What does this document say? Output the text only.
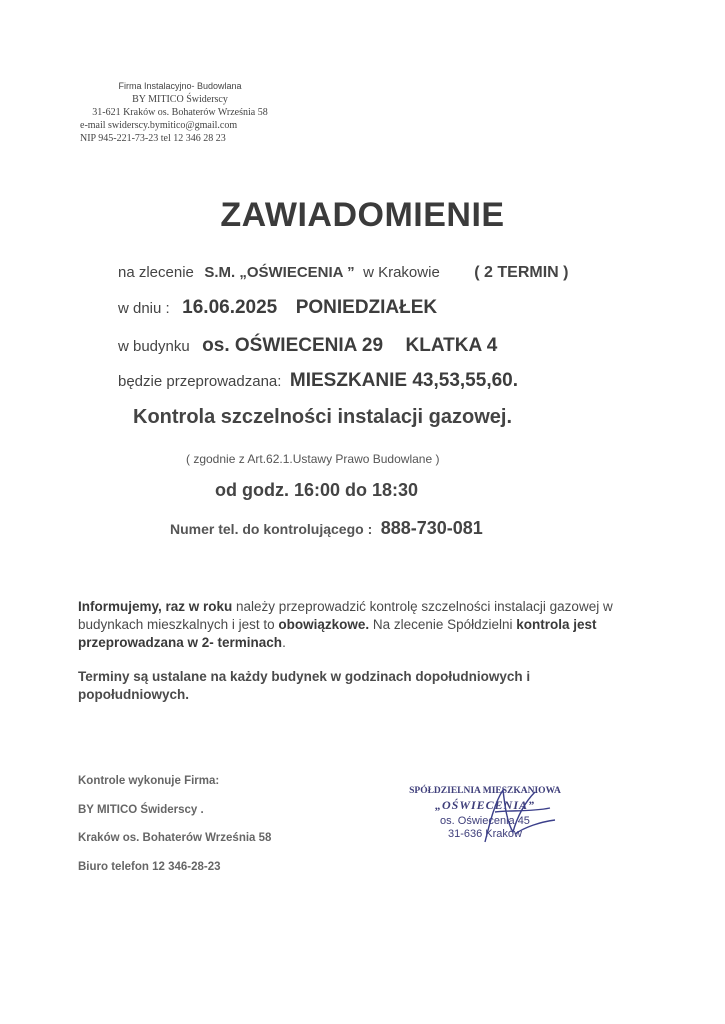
Firma Instalacyjno- Budowlana
BY MITICO Świderscy
31-621 Kraków os. Bohaterów Września 58
e-mail swiderscy.bymitico@gmail.com
NIP 945-221-73-23 tel 12 346 28 23
ZAWIADOMIENIE
na zlecenie S.M. „OŚWIECENIA ” w Krakowie ( 2 TERMIN )
w dniu : 16.06.2025 PONIEDZIAŁEK
w budynku os. OŚWIECENIA 29 KLATKA 4
będzie przeprowadzana: MIESZKANIE 43,53,55,60.
Kontrola szczelności instalacji gazowej.
( zgodnie z Art.62.1.Ustawy Prawo Budowlane )
od godz. 16:00 do 18:30
Numer tel. do kontrolującego : 888-730-081
Informujemy, raz w roku należy przeprowadzić kontrolę szczelności instalacji gazowej w budynkach mieszkalnych i jest to obowiązkowe. Na zlecenie Spółdzielni kontrola jest przeprowadzana w 2- terminach.
Terminy są ustalane na każdy budynek w godzinach dopołudniowych i popołudniowych.
Kontrole wykonuje Firma:
BY MITICO Świderscy .
Kraków os. Bohaterów Września 58
Biuro telefon 12 346-28-23
SPÓŁDZIELNIA MIESZKANIOWA
„OŚWIECENIA”
os. Oświecenia 45
31-636 Kraków
